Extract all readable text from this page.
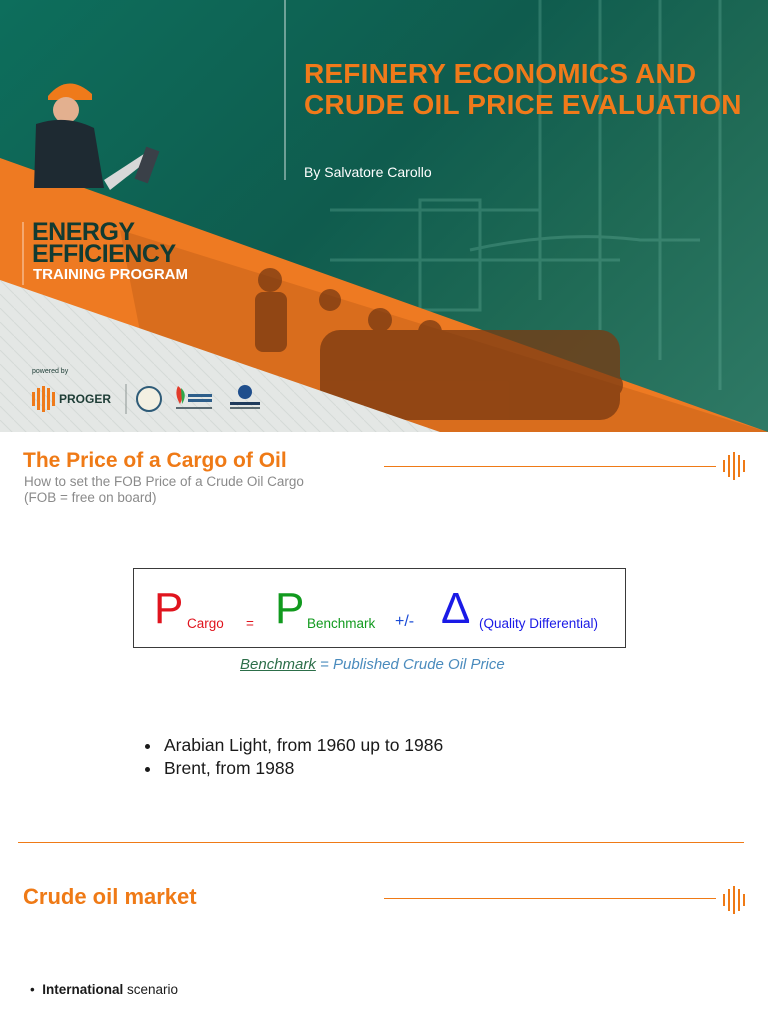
REFINERY ECONOMICS AND CRUDE OIL PRICE EVALUATION
By Salvatore Carollo
ENERGY
EFFICIENCY
TRAINING PROGRAM
powered by
PROGER
The Price of a Cargo of Oil
How to set the FOB Price of a Crude Oil Cargo
(FOB = free on board)
P Cargo = P Benchmark +/- Δ (Quality Differential)
Benchmark = Published Crude Oil Price
• Arabian Light, from 1960 up to 1986
• Brent, from 1988
Crude oil market
•  International scenario
